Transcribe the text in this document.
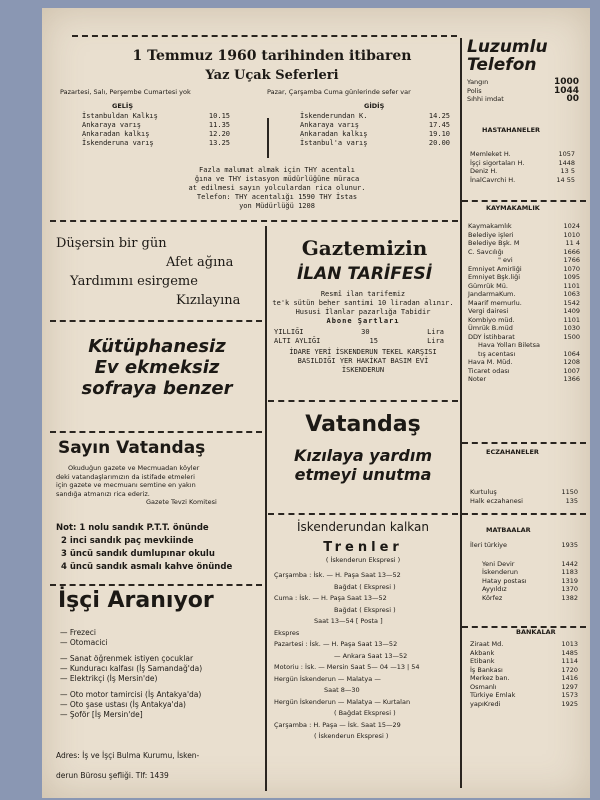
1 Temmuz 1960 tarihinden itibaren
Yaz Uçak Seferleri
Pazartesi, Salı, Perşembe Cumartesi yok	Pazar, Çarşamba Cuma günlerinde sefer var
GELİŞ	GİDİŞ
İstanbuldan Kalkış	10.15
Ankaraya varış	11.35
Ankaradan kalkış	12.20
İskenderuna varış	13.25
İskenderundan K.	14.25
Ankaraya varış	17.45
Ankaradan kalkış	19.10
İstanbul'a varış	20.00
Fazla malumat almak için THY acentalı
ğına ve THY istasyon müdürlüğüne müraca
at edilmesi sayın yolculardan rica olunur.
Telefon: THY acentalığı 1590 THY İstas
yon Müdürlüğü 1208
Luzumlu
Telefon
Yangın	1000
Polis	1044
Sıhhi imdat	00
HASTAHANELER
Memleket H.	1057
İşçi sigortaları H.	1448
Deniz H.	13 5
İnalCavrchi H.	14 55
KAYMAKAMLIK
Kaymakamlık	1024
Belediye işleri	1010
Belediye Bşk. M	11 4
C. Savcılığı	1666
" evi	1766
Emniyet Amirliği	1070
Emniyet Bşk.liği	1095
Gümrük Mü.	1101
JandarmaKum.	1063
Maarif memurlu.	1542
Vergi dairesi	1409
Kombiyo müd.	1101
Ümrük B.müd	1030
DDY İstihbarat	1500
Hava Yolları Biletsa
tış acentası	1064
Hava M. Müd.	1208
Ticaret odası	1007
Noter	1366
ECZAHANELER
Kurtuluş	1150
Halk eczahanesi	135
MATBAALAR
İleri türkiye	1935
Yeni Devir	1442
İskenderun	1183
Hatay postası	1319
Ayyıldız	1370
Körfez	1382
BANKALAR
Ziraat Md.	1013
Akbank	1485
Etibank	1114
İş Bankası	1720
Merkez ban.	1416
Osmanlı	1297
Türkiye Emlak	1573
yapıKredi	1925
Düşersin bir gün
Afet ağına
Yardımını esirgeme
Kızılayına
Kütüphanesiz
Ev ekmeksiz
sofraya benzer
Sayın Vatandaş
Okuduğun gazete ve Mecmuadan köyler
deki vatandaşlarımızın da istifade etmeleri
için gazete ve mecmuanı semtine en yakın
sandığa atmanızı rica ederiz.
Gazete Tevzi Komitesi
Not: 1 nolu sandık P.T.T. önünde
2 inci sandık paç mevkiinde
3 üncü sandık dumlupınar okulu
4 üncü sandık asmalı kahve önünde
İşçi Aranıyor
— Frezeci
— Otomacici
— Sanat öğrenmek istiyen çocuklar
— Kunduracı kalfası (İş Samandağ'da)
— Elektrikçi (İş Mersin'de)
— Oto motor tamircisi (İş Antakya'da)
— Oto şase ustası (İş Antakya'da)
— Şoför [İş Mersin'de]
Adres: İş ve İşçi Bulma Kurumu, İsken-
derun Bürosu şefliği. Tlf: 1439
Gaztemizin
İLAN TARİFESİ
Resmî ilan tarifemiz
te'k sütün beher santimi 10 liradan alınır.
Hususi İlanlar pazarlığa Tabidir
Abone Şartları
YILLIĞI	30	Lira
ALTI AYLIĞI	15	Lira
İDARE YERİ İSKENDERUN TEKEL KARŞISI
BASILDIĞI YER HAKİKAT BASIM EVİ
İSKENDERUN
Vatandaş
Kızılaya yardım
etmeyi unutma
İskenderundan kalkan
Trenler
( İskenderun Ekspresi )
Çarşamba : İsk. — H. Paşa Saat 13—52
Bağdat ( Ekspresi )
Cuma : İsk. — H. Paşa Saat 13—52
Bağdat ( Ekspresi )
Saat 13—54 [ Posta ]
Ekspres
Pazartesi : İsk. — H. Paşa Saat 13—52
— Ankara Saat 13—52
Motoriu : İsk. — Mersin Saat 5— 04 —13 | 54
Hergün İskenderun — Malatya —
Saat 8—30
Hergün İskenderun — Malatya — Kurtalan
( Bağdat Ekspresi )
Çarşamba : H. Paşa — İsk. Saat 15—29
( İskenderun Ekspresi )
